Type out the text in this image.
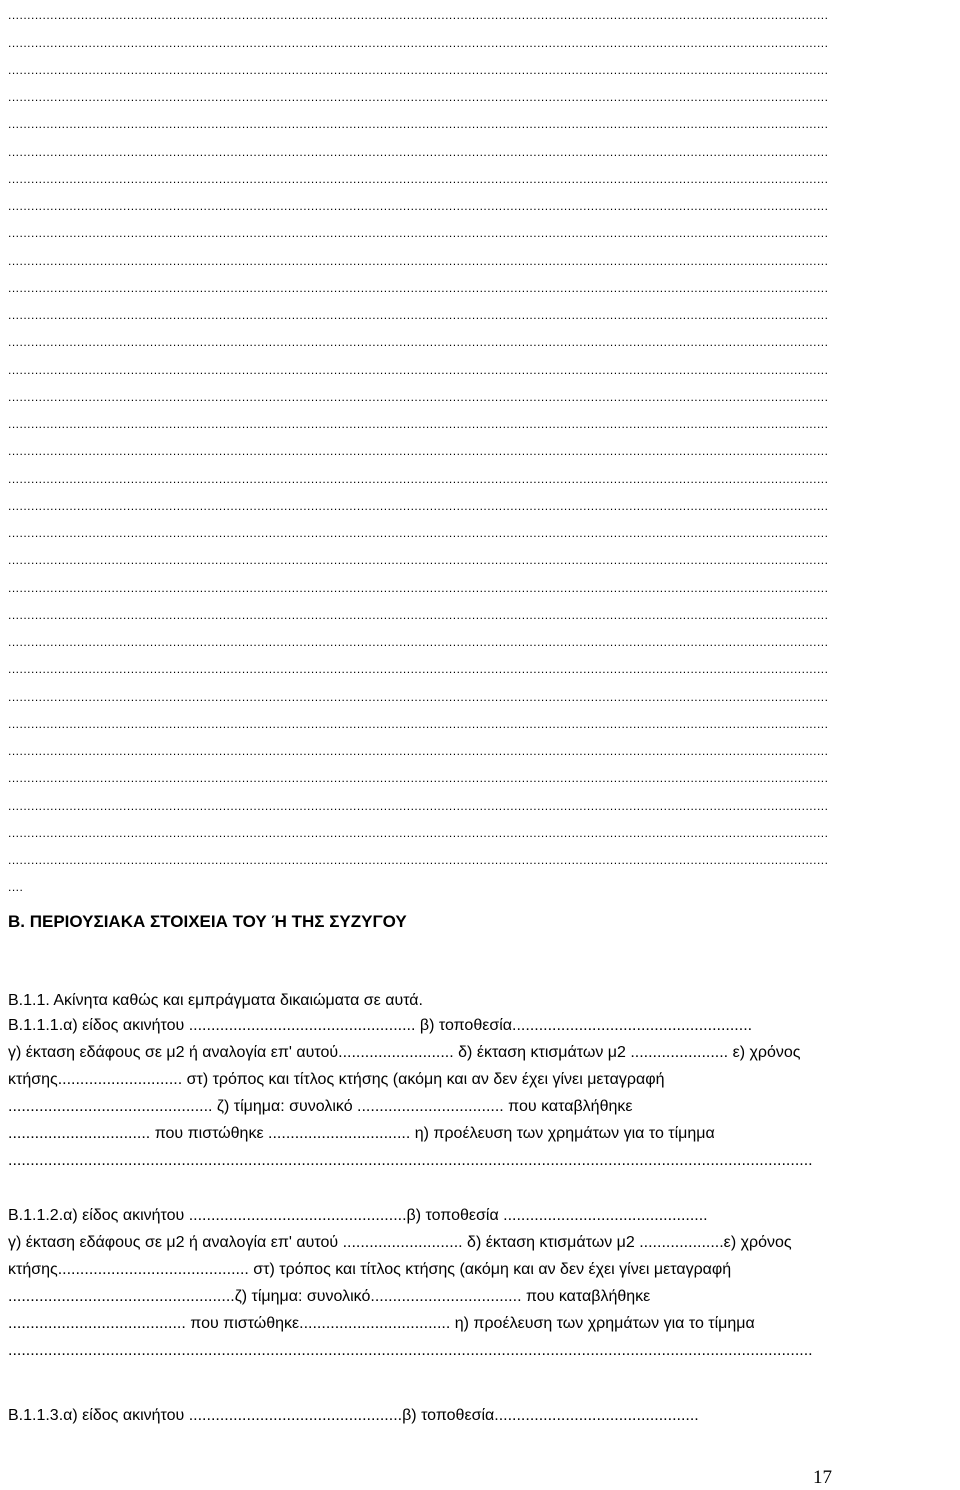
......................................................................................................................................................................................................................
......................................................................................................................................................................................................................
......................................................................................................................................................................................................................
......................................................................................................................................................................................................................
......................................................................................................................................................................................................................
......................................................................................................................................................................................................................
......................................................................................................................................................................................................................
......................................................................................................................................................................................................................
......................................................................................................................................................................................................................
......................................................................................................................................................................................................................
......................................................................................................................................................................................................................
......................................................................................................................................................................................................................
......................................................................................................................................................................................................................
......................................................................................................................................................................................................................
......................................................................................................................................................................................................................
......................................................................................................................................................................................................................
......................................................................................................................................................................................................................
......................................................................................................................................................................................................................
......................................................................................................................................................................................................................
......................................................................................................................................................................................................................
......................................................................................................................................................................................................................
......................................................................................................................................................................................................................
......................................................................................................................................................................................................................
......................................................................................................................................................................................................................
......................................................................................................................................................................................................................
......................................................................................................................................................................................................................
......................................................................................................................................................................................................................
......................................................................................................................................................................................................................
......................................................................................................................................................................................................................
......................................................................................................................................................................................................................
......................................................................................................................................................................................................................
......................................................................................................................................................................................................................
....
Β. ΠΕΡΙΟΥΣΙΑΚΑ ΣΤΟΙΧΕΙΑ ΤΟΥ Ή ΤΗΣ ΣΥΖΥΓΟΥ
Β.1.1. Ακίνητα καθώς και εμπράγματα δικαιώματα σε αυτά.
Β.1.1.1.α) είδος ακινήτου ................................................... β) τοποθεσία......................................................
γ) έκταση εδάφους σε μ2 ή αναλογία επ' αυτού.......................... δ) έκταση κτισμάτων μ2 ...................... ε) χρόνος
κτήσης............................ στ) τρόπος και τίτλος κτήσης (ακόμη και αν δεν έχει γίνει μεταγραφή
.............................................. ζ) τίμημα: συνολικό ................................. που καταβλήθηκε
................................ που πιστώθηκε ................................ η) προέλευση των χρημάτων για το τίμημα
.....................................................................................................................................................................................
Β.1.1.2.α) είδος ακινήτου .................................................β) τοποθεσία ..............................................
γ) έκταση εδάφους σε μ2 ή αναλογία επ' αυτού ........................... δ) έκταση κτισμάτων μ2 ...................ε) χρόνος
κτήσης........................................... στ) τρόπος και τίτλος κτήσης (ακόμη και αν δεν έχει γίνει μεταγραφή
...................................................ζ) τίμημα: συνολικό.................................. που καταβλήθηκε
........................................ που πιστώθηκε.................................. η) προέλευση των χρημάτων για το τίμημα
.....................................................................................................................................................................................
Β.1.1.3.α) είδος ακινήτου ................................................β) τοποθεσία..............................................
17
